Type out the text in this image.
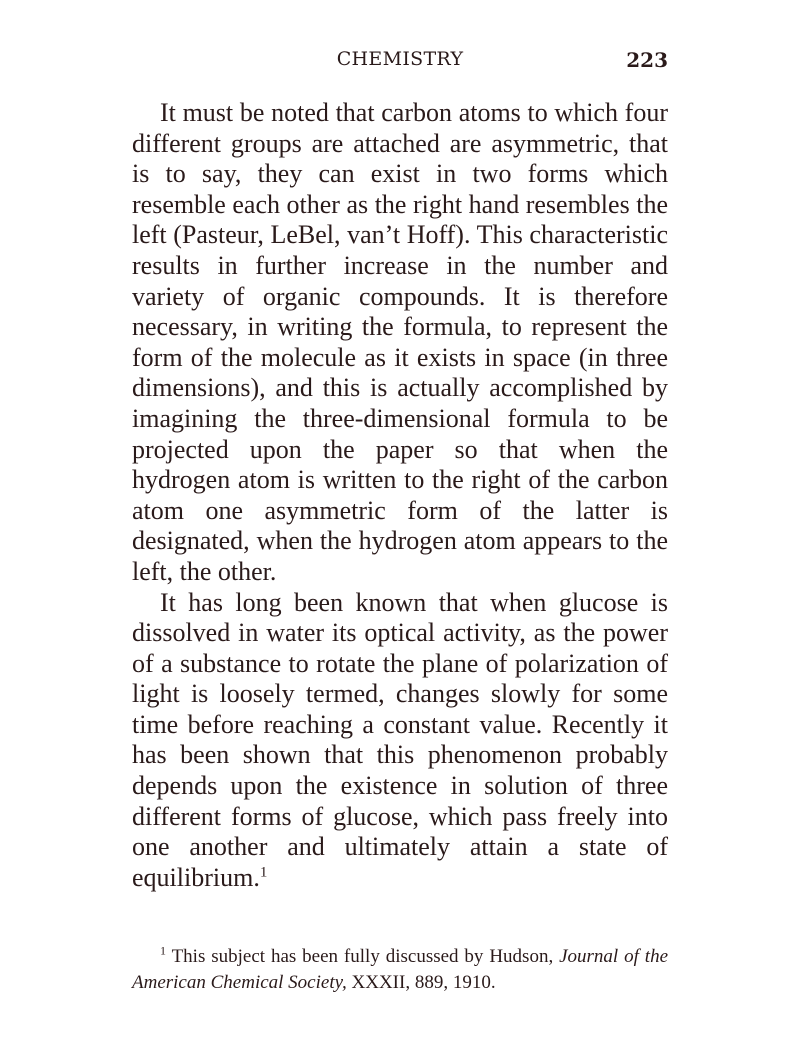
CHEMISTRY	223

It must be noted that carbon atoms to which four different groups are attached are asymmetric, that is to say, they can exist in two forms which resemble each other as the right hand resembles the left (Pasteur, LeBel, van’t Hoff). This characteristic results in further increase in the number and variety of organic compounds. It is therefore necessary, in writing the formula, to represent the form of the molecule as it exists in space (in three dimensions), and this is actually accomplished by imagining the three-dimensional formula to be projected upon the paper so that when the hydrogen atom is written to the right of the carbon atom one asymmetric form of the latter is designated, when the hydrogen atom appears to the left, the other.

It has long been known that when glucose is dissolved in water its optical activity, as the power of a substance to rotate the plane of polarization of light is loosely termed, changes slowly for some time before reaching a constant value. Recently it has been shown that this phenomenon probably depends upon the existence in solution of three different forms of glucose, which pass freely into one another and ultimately attain a state of equilibrium.$^1$

$^1$ This subject has been fully discussed by Hudson, Journal of the American Chemical Society, XXXII, 889, 1910.
